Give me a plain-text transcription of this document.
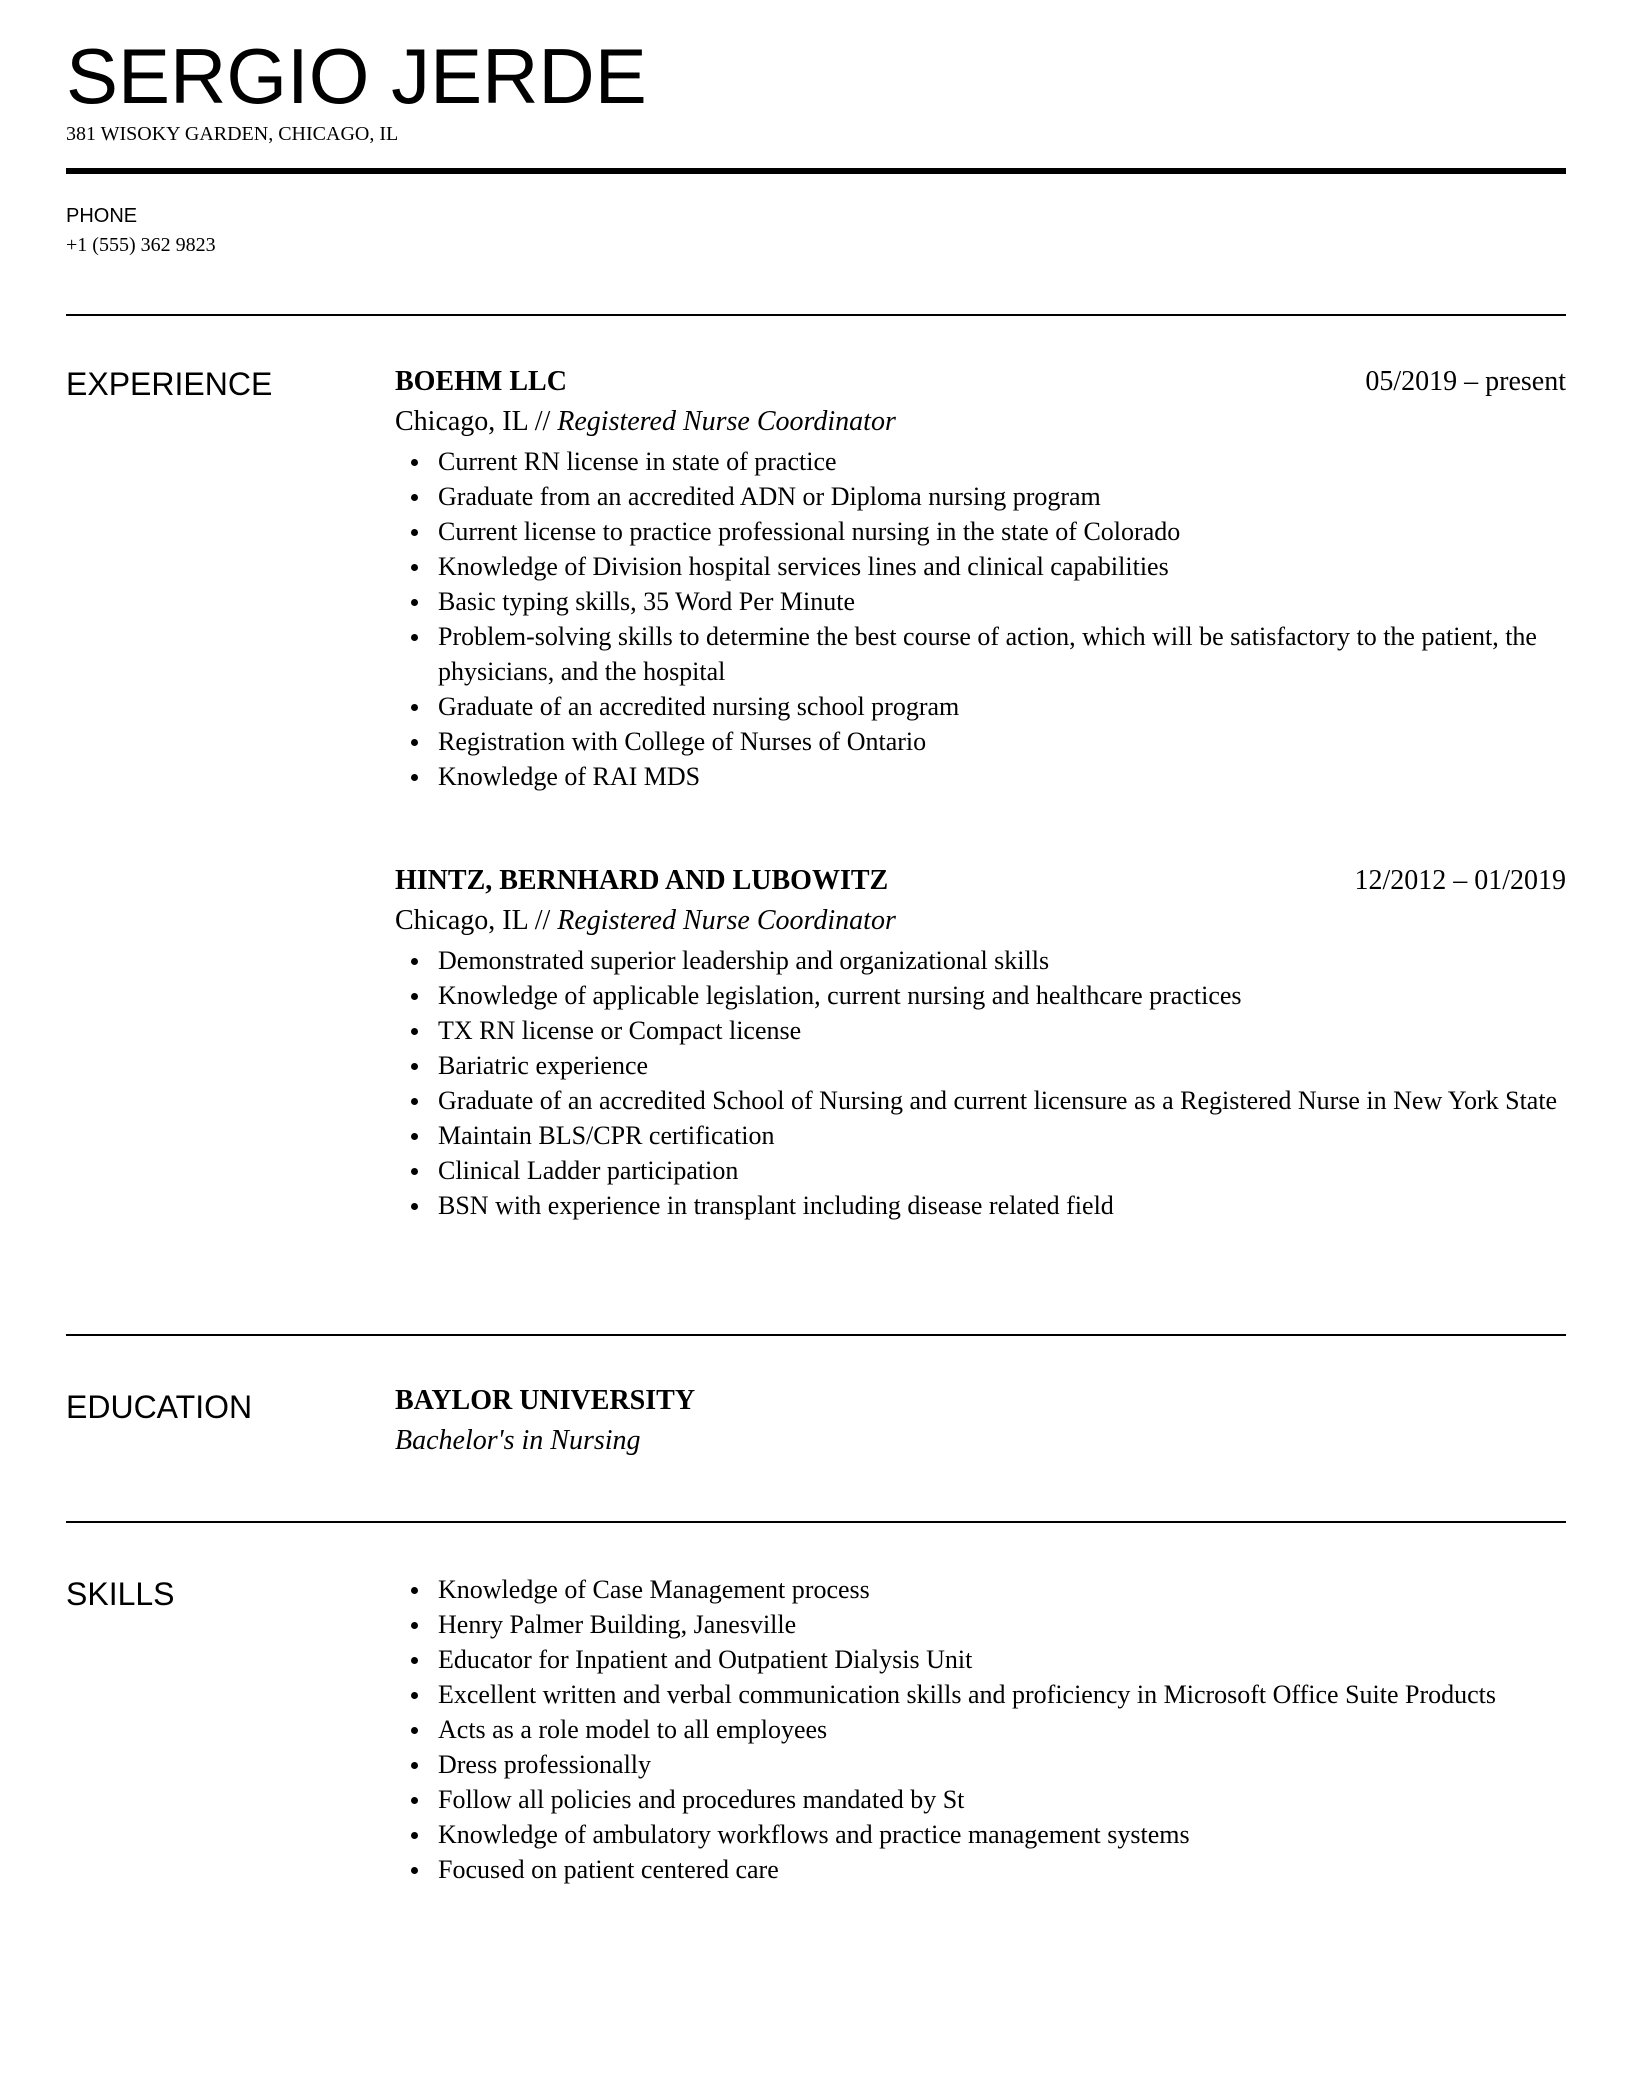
SERGIO JERDE
381 WISOKY GARDEN, CHICAGO, IL
PHONE
+1 (555) 362 9823
EXPERIENCE	BOEHM LLC	05/2019 – present
Chicago, IL // Registered Nurse Coordinator
Current RN license in state of practice
Graduate from an accredited ADN or Diploma nursing program
Current license to practice professional nursing in the state of Colorado
Knowledge of Division hospital services lines and clinical capabilities
Basic typing skills, 35 Word Per Minute
Problem-solving skills to determine the best course of action, which will be satisfactory to the patient, the physicians, and the hospital
Graduate of an accredited nursing school program
Registration with College of Nurses of Ontario
Knowledge of RAI MDS
HINTZ, BERNHARD AND LUBOWITZ	12/2012 – 01/2019
Chicago, IL // Registered Nurse Coordinator
Demonstrated superior leadership and organizational skills
Knowledge of applicable legislation, current nursing and healthcare practices
TX RN license or Compact license
Bariatric experience
Graduate of an accredited School of Nursing and current licensure as a Registered Nurse in New York State
Maintain BLS/CPR certification
Clinical Ladder participation
BSN with experience in transplant including disease related field
EDUCATION	BAYLOR UNIVERSITY
Bachelor's in Nursing
SKILLS	Knowledge of Case Management process
Henry Palmer Building, Janesville
Educator for Inpatient and Outpatient Dialysis Unit
Excellent written and verbal communication skills and proficiency in Microsoft Office Suite Products
Acts as a role model to all employees
Dress professionally
Follow all policies and procedures mandated by St
Knowledge of ambulatory workflows and practice management systems
Focused on patient centered care
